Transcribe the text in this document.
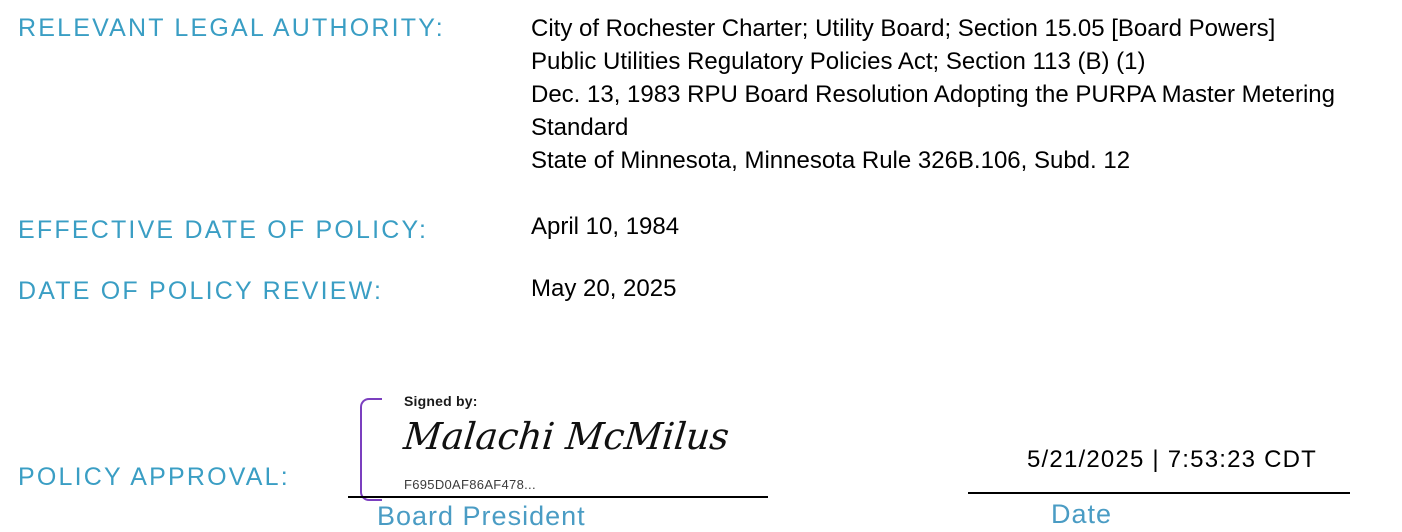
RELEVANT LEGAL AUTHORITY:
EFFECTIVE DATE OF POLICY:
DATE OF POLICY REVIEW:
POLICY APPROVAL:
City of Rochester Charter; Utility Board; Section 15.05 [Board Powers]
Public Utilities Regulatory Policies Act; Section 113 (B) (1)
Dec. 13, 1983 RPU Board Resolution Adopting the PURPA Master Metering Standard
State of Minnesota, Minnesota Rule 326B.106, Subd. 12
April 10, 1984
May 20, 2025
Signed by:
Malachi McMilus
F695D0AF86AF478...
Board President	Date
5/21/2025 | 7:53:23 CDT
